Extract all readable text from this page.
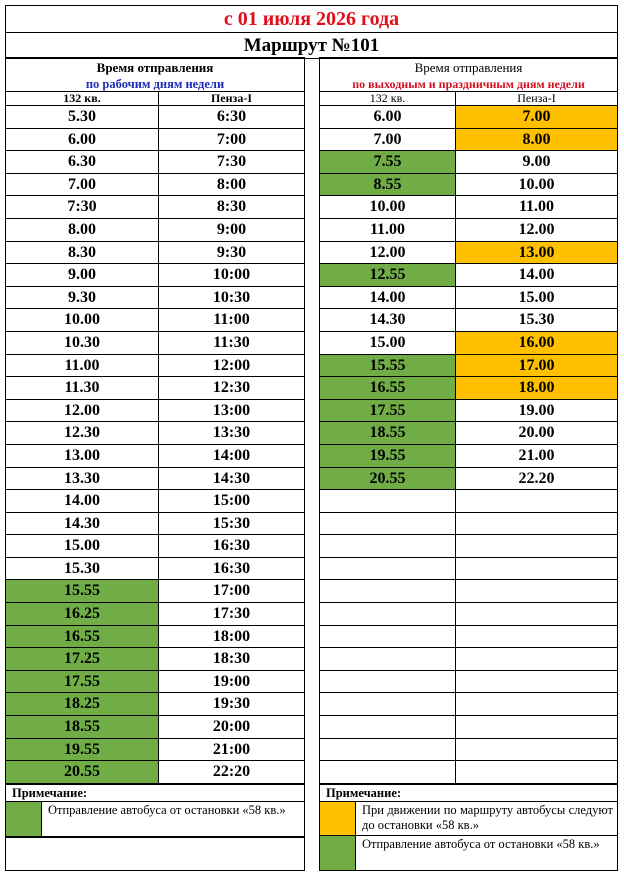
с 01 июля 2026 года
Маршрут №101
Время отправления
по рабочим дням недели
132 кв.	Пенза-I
5.30	6:30
6.00	7:00
6.30	7:30
7.00	8:00
7:30	8:30
8.00	9:00
8.30	9:30
9.00	10:00
9.30	10:30
10.00	11:00
10.30	11:30
11.00	12:00
11.30	12:30
12.00	13:00
12.30	13:30
13.00	14:00
13.30	14:30
14.00	15:00
14.30	15:30
15.00	16:30
15.30	16:30
15.55	17:00
16.25	17:30
16.55	18:00
17.25	18:30
17.55	19:00
18.25	19:30
18.55	20:00
19.55	21:00
20.55	22:20
Примечание:
Отправление автобуса от остановки «58 кв.»
Время отправления
по выходным и праздничным дням недели
132 кв.	Пенза-I
6.00	7.00
7.00	8.00
7.55	9.00
8.55	10.00
10.00	11.00
11.00	12.00
12.00	13.00
12.55	14.00
14.00	15.00
14.30	15.30
15.00	16.00
15.55	17.00
16.55	18.00
17.55	19.00
18.55	20.00
19.55	21.00
20.55	22.20
Примечание:
При движении по маршруту автобусы следуют до остановки «58 кв.»
Отправление автобуса от остановки «58 кв.»
